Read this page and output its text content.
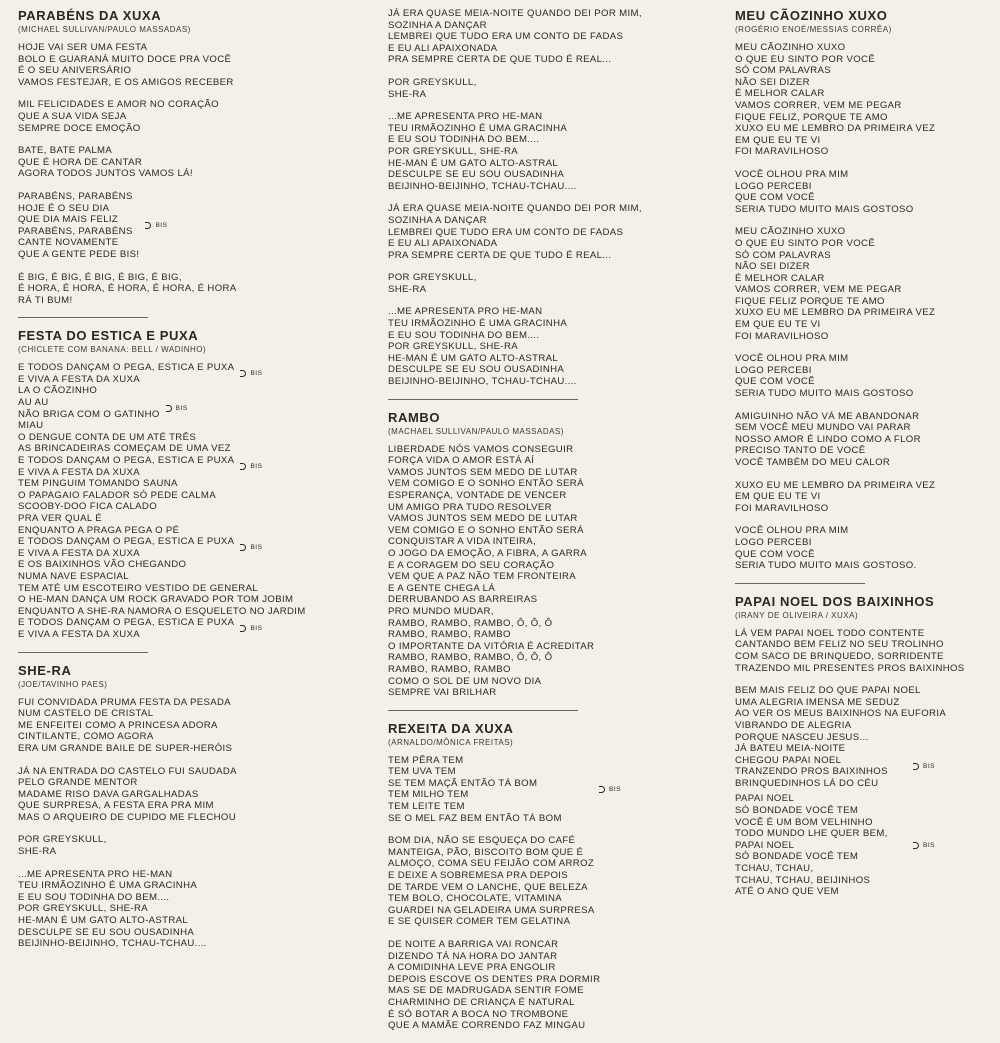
PARABÉNS DA XUXA
(MICHAEL SULLIVAN/PAULO MASSADAS)
HOJE VAI SER UMA FESTA
BOLO E GUARANÁ MUITO DOCE PRA VOCÊ
É O SEU ANIVERSÁRIO
VAMOS FESTEJAR, E OS AMIGOS RECEBER
MIL FELICIDADES E AMOR NO CORAÇÃO
QUE A SUA VIDA SEJA
SEMPRE DOCE EMOÇÃO
BATE, BATE PALMA
QUE É HORA DE CANTAR
AGORA TODOS JUNTOS VAMOS LÁ!
PARABÉNS, PARABÉNS
HOJE É O SEU DIA
QUE DIA MAIS FELIZ
PARABÉNS, PARABÉNS
CANTE NOVAMENTE
QUE A GENTE PEDE BIS!
BIS
É BIG, É BIG, É BIG, É BIG, É BIG,
É HORA, É HORA, É HORA, É HORA, É HORA
RÁ TI BUM!
FESTA DO ESTICA E PUXA
(CHICLETE COM BANANA: BELL / WADINHO)
E TODOS DANÇAM O PEGA, ESTICA E PUXA
E VIVA A FESTA DA XUXA	BIS
LA O CÃOZINHO
AU AU
NÃO BRIGA COM O GATINHO
MIAU
BIS
O DENGUE CONTA DE UM ATÉ TRÊS
AS BRINCADEIRAS COMEÇAM DE UMA VEZ
E TODOS DANÇAM O PEGA, ESTICA E PUXA
E VIVA A FESTA DA XUXA	BIS
TEM PINGUIM TOMANDO SAUNA
O PAPAGAIO FALADOR SÓ PEDE CALMA
SCOOBY-DOO FICA CALADO
PRA VER QUAL É
ENQUANTO A PRAGA PEGA O PÉ
E TODOS DANÇAM O PEGA, ESTICA E PUXA
E VIVA A FESTA DA XUXA	BIS
E OS BAIXINHOS VÃO CHEGANDO
NUMA NAVE ESPACIAL
TEM ATÉ UM ESCOTEIRO VESTIDO DE GENERAL
O HE-MAN DANÇA UM ROCK GRAVADO POR TOM JOBIM
ENQUANTO A SHE-RA NAMORA O ESQUELETO NO JARDIM
E TODOS DANÇAM O PEGA, ESTICA E PUXA
E VIVA A FESTA DA XUXA	BIS
SHE-RA
(JOE/TAVINHO PAES)
FUI CONVIDADA PRUMA FESTA DA PESADA
NUM CASTELO DE CRISTAL
ME ENFEITEI COMO A PRINCESA ADORA
CINTILANTE, COMO AGORA
ERA UM GRANDE BAILE DE SUPER-HERÓIS
JÁ NA ENTRADA DO CASTELO FUI SAUDADA
PELO GRANDE MENTOR
MADAME RISO DAVA GARGALHADAS
QUE SURPRESA, A FESTA ERA PRA MIM
MAS O ARQUEIRO DE CUPIDO ME FLECHOU
POR GREYSKULL,
SHE-RA
...ME APRESENTA PRO HE-MAN
TEU IRMÃOZINHO É UMA GRACINHA
E EU SOU TODINHA DO BEM....
POR GREYSKULL, SHE-RA
HE-MAN É UM GATO ALTO-ASTRAL
DESCULPE SE EU SOU OUSADINHA
BEIJINHO-BEIJINHO, TCHAU-TCHAU....
JÁ ERA QUASE MEIA-NOITE QUANDO DEI POR MIM,
SOZINHA A DANÇAR
LEMBREI QUE TUDO ERA UM CONTO DE FADAS
E EU ALI APAIXONADA
PRA SEMPRE CERTA DE QUE TUDO É REAL...
POR GREYSKULL,
SHE-RA
...ME APRESENTA PRO HE-MAN
TEU IRMÃOZINHO É UMA GRACINHA
E EU SOU TODINHA DO BEM....
POR GREYSKULL, SHE-RA
HE-MAN É UM GATO ALTO-ASTRAL
DESCULPE SE EU SOU OUSADINHA
BEIJINHO-BEIJINHO, TCHAU-TCHAU....
JÁ ERA QUASE MEIA-NOITE QUANDO DEI POR MIM,
SOZINHA A DANÇAR
LEMBREI QUE TUDO ERA UM CONTO DE FADAS
E EU ALI APAIXONADA
PRA SEMPRE CERTA DE QUE TUDO É REAL...
POR GREYSKULL,
SHE-RA
...ME APRESENTA PRO HE-MAN
TEU IRMÃOZINHO É UMA GRACINHA
E EU SOU TODINHA DO BEM....
POR GREYSKULL, SHE-RA
HE-MAN É UM GATO ALTO-ASTRAL
DESCULPE SE EU SOU OUSADINHA
BEIJINHO-BEIJINHO, TCHAU-TCHAU....
RAMBO
(MACHAEL SULLIVAN/PAULO MASSADAS)
LIBERDADE NÓS VAMOS CONSEGUIR
FORÇA VIDA O AMOR ESTÁ AÍ
VAMOS JUNTOS SEM MEDO DE LUTAR
VEM COMIGO E O SONHO ENTÃO SERÁ
ESPERANÇA, VONTADE DE VENCER
UM AMIGO PRA TUDO RESOLVER
VAMOS JUNTOS SEM MEDO DE LUTAR
VEM COMIGO E O SONHO ENTÃO SERÁ
CONQUISTAR A VIDA INTEIRA,
O JOGO DA EMOÇÃO, A FIBRA, A GARRA
E A CORAGEM DO SEU CORAÇÃO
VEM QUE A PAZ NÃO TEM FRONTEIRA
E A GENTE CHEGA LÁ
DERRUBANDO AS BARREIRAS
PRO MUNDO MUDAR,
RAMBO, RAMBO, RAMBO, Ô, Ô, Ô
RAMBO, RAMBO, RAMBO
O IMPORTANTE DA VITÓRIA É ACREDITAR
RAMBO, RAMBO, RAMBO, Ô, Ô, Ô
RAMBO, RAMBO, RAMBO
COMO O SOL DE UM NOVO DIA
SEMPRE VAI BRILHAR
REXEITA DA XUXA
(ARNALDO/MÔNICA FREITAS)
TEM PÊRA TEM
TEM UVA TEM
SE TEM MAÇÃ ENTÃO TÁ BOM
TEM MILHO TEM
TEM LEITE TEM
SE O MEL FAZ BEM ENTÃO TÁ BOM
BIS
BOM DIA, NÃO SE ESQUEÇA DO CAFÉ
MANTEIGA, PÃO, BISCOITO BOM QUE É
ALMOÇO, COMA SEU FEIJÃO COM ARROZ
E DEIXE A SOBREMESA PRA DEPOIS
DE TARDE VEM O LANCHE, QUE BELEZA
TEM BOLO, CHOCOLATE, VITAMINA
GUARDEI NA GELADEIRA UMA SURPRESA
E SE QUISER COMER TEM GELATINA
DE NOITE A BARRIGA VAI RONCAR
DIZENDO TÁ NA HORA DO JANTAR
A COMIDINHA LEVE PRA ENGOLIR
DEPOIS ESCOVE OS DENTES PRA DORMIR
MAS SE DE MADRUGADA SENTIR FOME
CHARMINHO DE CRIANÇA É NATURAL
É SÓ BOTAR A BOCA NO TROMBONE
QUE A MAMÃE CORRENDO FAZ MINGAU
MEU CÃOZINHO XUXO
(ROGÉRIO ENOÉ/MESSIAS CORRÊA)
MEU CÃOZINHO XUXO
O QUE EU SINTO POR VOCÊ
SÓ COM PALAVRAS
NÃO SEI DIZER
É MELHOR CALAR
VAMOS CORRER, VEM ME PEGAR
FIQUE FELIZ, PORQUE TE AMO
XUXO EU ME LEMBRO DA PRIMEIRA VEZ
EM QUE EU TE VI
FOI MARAVILHOSO
VOCÊ OLHOU PRA MIM
LOGO PERCEBI
QUE COM VOCÊ
SERIA TUDO MUITO MAIS GOSTOSO
MEU CÃOZINHO XUXO
O QUE EU SINTO POR VOCÊ
SÓ COM PALAVRAS
NÃO SEI DIZER
É MELHOR CALAR
VAMOS CORRER, VEM ME PEGAR
FIQUE FELIZ PORQUE TE AMO
XUXO EU ME LEMBRO DA PRIMEIRA VEZ
EM QUE EU TE VI
FOI MARAVILHOSO
VOCÊ OLHOU PRA MIM
LOGO PERCEBI
QUE COM VOCÊ
SERIA TUDO MUITO MAIS GOSTOSO
AMIGUINHO NÃO VÁ ME ABANDONAR
SEM VOCÊ MEU MUNDO VAI PARAR
NOSSO AMOR É LINDO COMO A FLOR
PRECISO TANTO DE VOCÊ
VOCÊ TAMBÉM DO MEU CALOR
XUXO EU ME LEMBRO DA PRIMEIRA VEZ
EM QUE EU TE VI
FOI MARAVILHOSO
VOCÊ OLHOU PRA MIM
LOGO PERCEBI
QUE COM VOCÊ
SERIA TUDO MUITO MAIS GOSTOSO.
PAPAI NOEL DOS BAIXINHOS
(IRANY DE OLIVEIRA / XUXA)
LÁ VEM PAPAI NOEL TODO CONTENTE
CANTANDO BEM FELIZ NO SEU TROLINHO
COM SACO DE BRINQUEDO, SORRIDENTE
TRAZENDO MIL PRESENTES PROS BAIXINHOS
BEM MAIS FELIZ DO QUE PAPAI NOEL
UMA ALEGRIA IMENSA ME SEDUZ
AO VER OS MEUS BAIXINHOS NA EUFORIA
VIBRANDO DE ALEGRIA
PORQUE NASCEU JESUS...
JÁ BATEU MEIA-NOITE
CHEGOU PAPAI NOEL
TRANZENDO PROS BAIXINHOS
BRINQUEDINHOS LÁ DO CÉU
BIS
PAPAI NOEL
SÓ BONDADE VOCÊ TEM
VOCÊ É UM BOM VELHINHO
TODO MUNDO LHE QUER BEM,
PAPAI NOEL
SÓ BONDADE VOCÊ TEM
TCHAU, TCHAU,
TCHAU, TCHAU, BEIJINHOS
ATÉ O ANO QUE VEM
BIS
